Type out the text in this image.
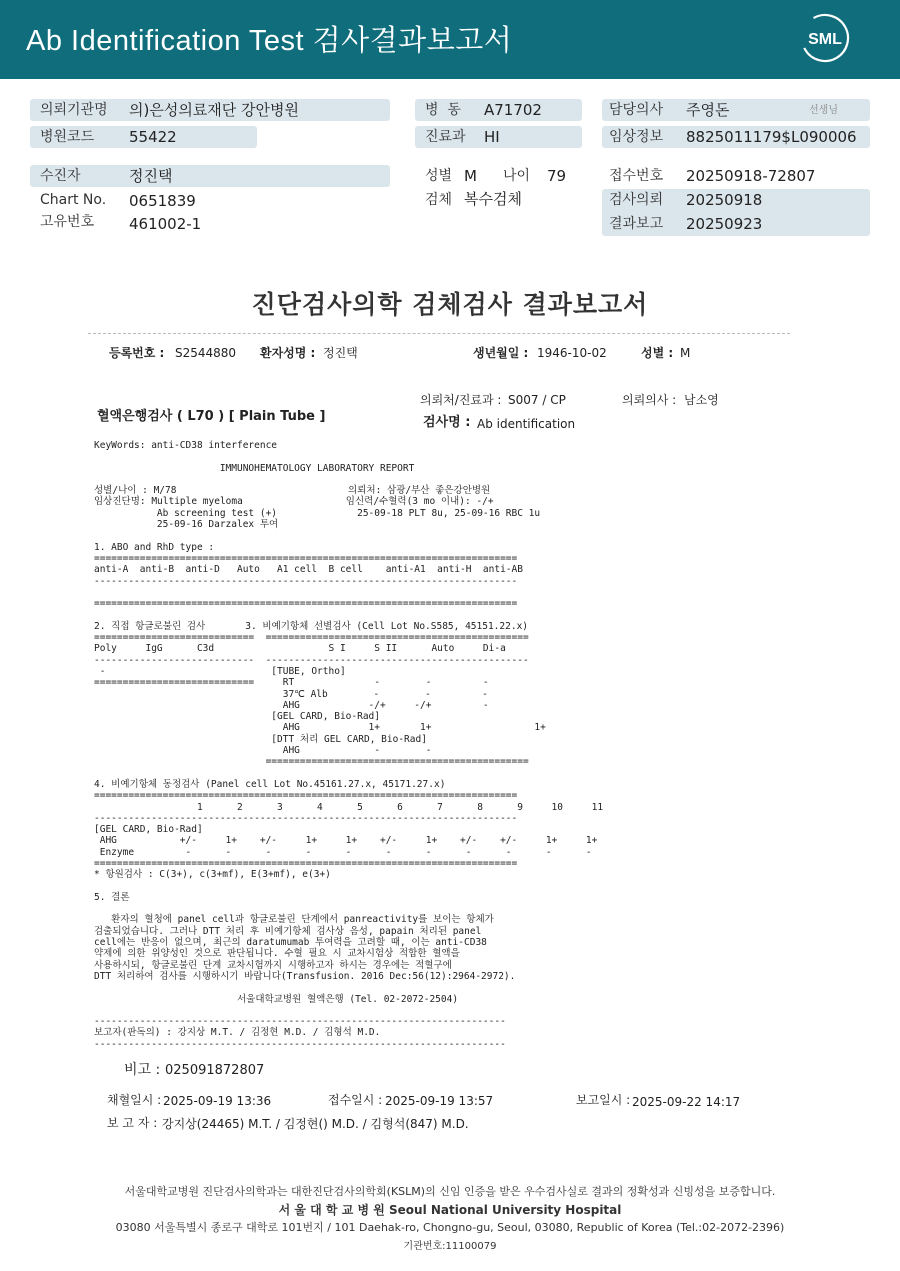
Ab Identification Test 검사결과보고서	SML
의뢰기관명 의)은성의료재단 강안병원
병원코드 55422
병  동 A71702
진료과 HI
담당의사 주영돈	선생님
임상정보 8825011179$L090006
수진자	정진택
Chart No. 0651839
고유번호 461002-1
성별 M 나이 79
검체 복수검체
접수번호 20250918-72807
검사의뢰 20250918
결과보고 20250923
진단검사의학 검체검사 결과보고서
등록번호 : S2544880 환자성명 : 정진택	생년월일 : 1946-10-02	성별 : M
의뢰처/진료과 : S007 / CP	의뢰의사 : 남소영
혈액은행검사 ( L70 ) [ Plain Tube ]	검사명 : Ab identification
KeyWords: anti-CD38 interference

IMMUNOHEMATOLOGY LABORATORY REPORT

성별/나이 : M/78                              의뢰처: 삼광/부산 좋은강안병원
임상진단명: Multiple myeloma                  임신력/수혈력(3 mo 이내): -/+
Ab screening test (+)              25-09-18 PLT 8u, 25-09-16 RBC 1u
25-09-16 Darzalex 투여

1. ABO and RhD type :
==========================================================================
anti-A  anti-B  anti-D   Auto   A1 cell  B cell    anti-A1  anti-H  anti-AB
--------------------------------------------------------------------------

==========================================================================

2. 직접 항글로불린 검사       3. 비예기항체 선별검사 (Cell Lot No.S585, 45151.22.x)
============================  ==============================================
Poly     IgG      C3d                    S I     S II      Auto     Di-a
----------------------------  ----------------------------------------------
-                             [TUBE, Ortho]
============================     RT              -        -         -
37℃ Alb        -        -         -
AHG            -/+     -/+         -
[GEL CARD, Bio-Rad]
AHG            1+       1+                  1+
[DTT 처리 GEL CARD, Bio-Rad]
AHG             -        -
==============================================

4. 비예기항체 동정검사 (Panel cell Lot No.45161.27.x, 45171.27.x)
==========================================================================
1      2      3      4      5      6      7      8      9     10     11
--------------------------------------------------------------------------
[GEL CARD, Bio-Rad]
AHG           +/-     1+    +/-     1+     1+    +/-     1+    +/-    +/-     1+     1+
Enzyme         -      -      -      -      -      -      -      -      -      -      -
==========================================================================
* 항원검사 : C(3+), c(3+mf), E(3+mf), e(3+)

5. 결론

환자의 혈청에 panel cell과 항글로불린 단계에서 panreactivity를 보이는 항체가
검출되었습니다. 그러나 DTT 처리 후 비예기항체 검사상 음성, papain 처리된 panel
cell에는 반응이 없으며, 최근의 daratumumab 투여력을 고려할 때, 이는 anti-CD38
약제에 의한 위양성인 것으로 판단됩니다. 수혈 필요 시 교차시험상 적합한 혈액을
사용하시되, 항글로불린 단계 교차시험까지 시행하고자 하시는 경우에는 적혈구에
DTT 처리하여 검사를 시행하시기 바랍니다(Transfusion. 2016 Dec:56(12):2964-2972).

서울대학교병원 혈액은행 (Tel. 02-2072-2504)

------------------------------------------------------------------------
보고자(판독의) : 강지상 M.T. / 김정현 M.D. / 김형석 M.D.
------------------------------------------------------------------------
비고 : 025091872807
채혈일시 : 2025-09-19 13:36	접수일시 : 2025-09-19 13:57	보고일시 : 2025-09-22 14:17
보 고 자 : 강지상(24465) M.T. / 김정현() M.D. / 김형석(847) M.D.
서울대학교병원 진단검사의학과는 대한진단검사의학회(KSLM)의 신임 인증을 받은 우수검사실로 결과의 정확성과 신빙성을 보증합니다.
서 울 대 학 교 병 원 Seoul National University Hospital
03080 서울특별시 종로구 대학로 101번지 / 101 Daehak-ro, Chongno-gu, Seoul, 03080, Republic of Korea (Tel.:02-2072-2396)
기관번호:11100079
